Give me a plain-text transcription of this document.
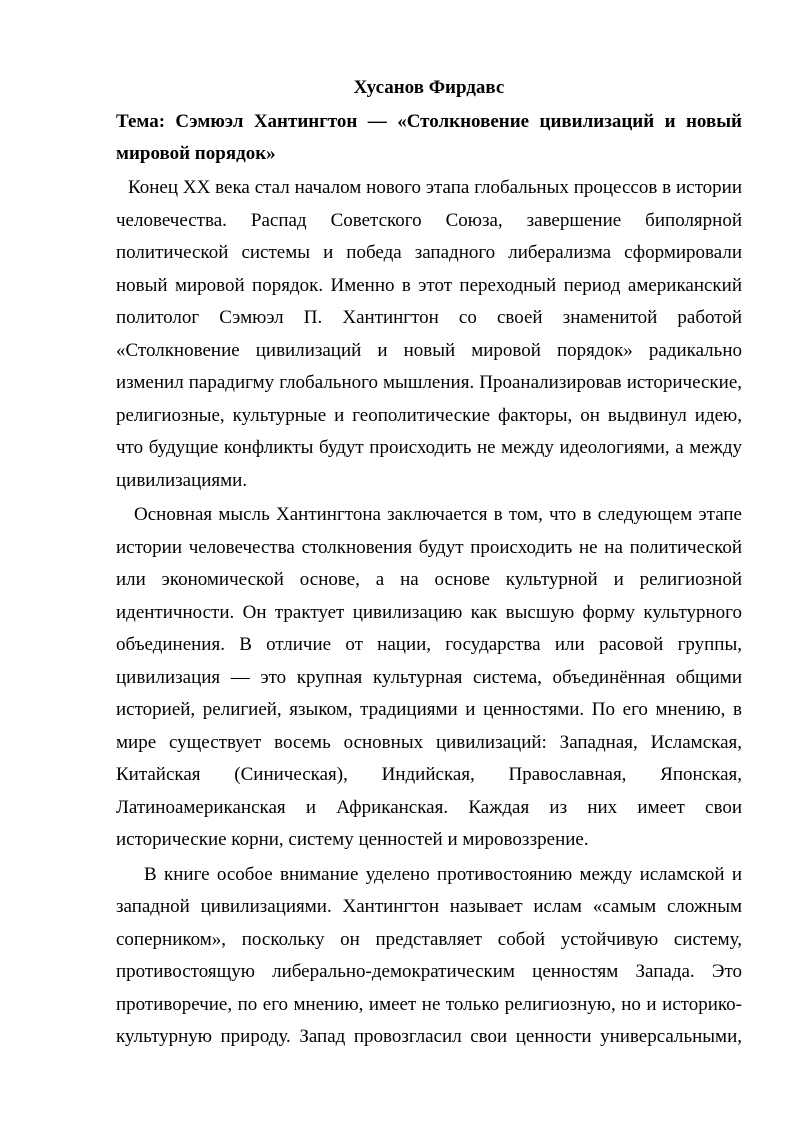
Хусанов Фирдавс

Тема: Сэмюэл Хантингтон — «Столкновение цивилизаций и новый мировой порядок»

Конец XX века стал началом нового этапа глобальных процессов в истории человечества. Распад Советского Союза, завершение биполярной политической системы и победа западного либерализма сформировали новый мировой порядок. Именно в этот переходный период американский политолог Сэмюэл П. Хантингтон со своей знаменитой работой «Столкновение цивилизаций и новый мировой порядок» радикально изменил парадигму глобального мышления. Проанализировав исторические, религиозные, культурные и геополитические факторы, он выдвинул идею, что будущие конфликты будут происходить не между идеологиями, а между цивилизациями.

Основная мысль Хантингтона заключается в том, что в следующем этапе истории человечества столкновения будут происходить не на политической или экономической основе, а на основе культурной и религиозной идентичности. Он трактует цивилизацию как высшую форму культурного объединения. В отличие от нации, государства или расовой группы, цивилизация — это крупная культурная система, объединённая общими историей, религией, языком, традициями и ценностями. По его мнению, в мире существует восемь основных цивилизаций: Западная, Исламская, Китайская (Синическая), Индийская, Православная, Японская, Латиноамериканская и Африканская. Каждая из них имеет свои исторические корни, систему ценностей и мировоззрение.

В книге особое внимание уделено противостоянию между исламской и западной цивилизациями. Хантингтон называет ислам «самым сложным соперником», поскольку он представляет собой устойчивую систему, противостоящую либерально-демократическим ценностям Запада. Это противоречие, по его мнению, имеет не только религиозную, но и историко-культурную природу. Запад провозгласил свои ценности универсальными,
